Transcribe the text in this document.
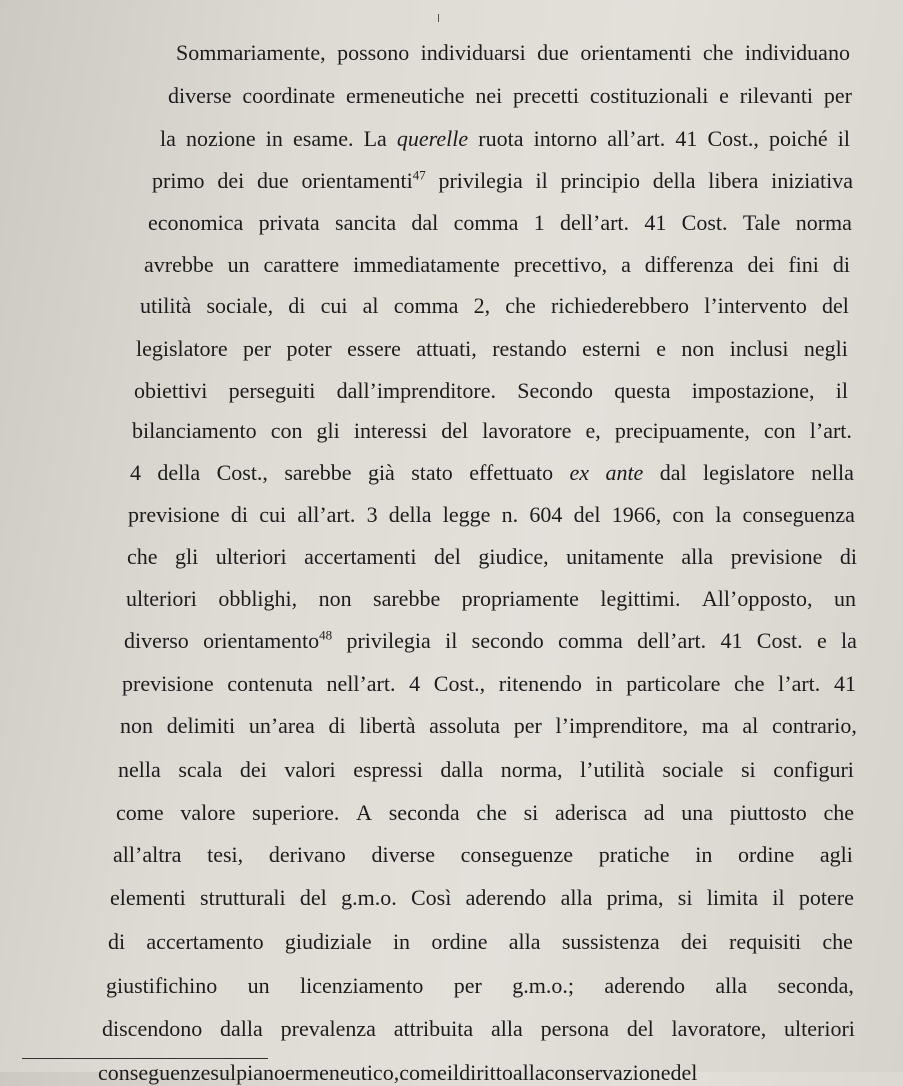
Sommariamente, possono individuarsi due orientamenti che individuano
diverse coordinate ermeneutiche nei precetti costituzionali e rilevanti per
la nozione in esame. La querelle ruota intorno all’art. 41 Cost., poiché il
primo dei due orientamenti$^{47}$ privilegia il principio della libera iniziativa
economica privata sancita dal comma 1 dell’art. 41 Cost. Tale norma
avrebbe un carattere immediatamente precettivo, a differenza dei fini di
utilità sociale, di cui al comma 2, che richiederebbero l’intervento del
legislatore per poter essere attuati, restando esterni e non inclusi negli
obiettivi perseguiti dall’imprenditore. Secondo questa impostazione, il
bilanciamento con gli interessi del lavoratore e, precipuamente, con l’art.
4 della Cost., sarebbe già stato effettuato ex ante dal legislatore nella
previsione di cui all’art. 3 della legge n. 604 del 1966, con la conseguenza
che gli ulteriori accertamenti del giudice, unitamente alla previsione di
ulteriori obblighi, non sarebbe propriamente legittimi. All’opposto, un
diverso orientamento$^{48}$ privilegia il secondo comma dell’art. 41 Cost. e la
previsione contenuta nell’art. 4 Cost., ritenendo in particolare che l’art. 41
non delimiti un’area di libertà assoluta per l’imprenditore, ma al contrario,
nella scala dei valori espressi dalla norma, l’utilità sociale si configuri
come valore superiore. A seconda che si aderisca ad una piuttosto che
all’altra tesi, derivano diverse conseguenze pratiche in ordine agli
elementi strutturali del g.m.o. Così aderendo alla prima, si limita il potere
di accertamento giudiziale in ordine alla sussistenza dei requisiti che
giustifichino un licenziamento per g.m.o.; aderendo alla seconda,
discendono dalla prevalenza attribuita alla persona del lavoratore, ulteriori
conseguenze sul piano ermeneutico, come il diritto alla conservazione del
